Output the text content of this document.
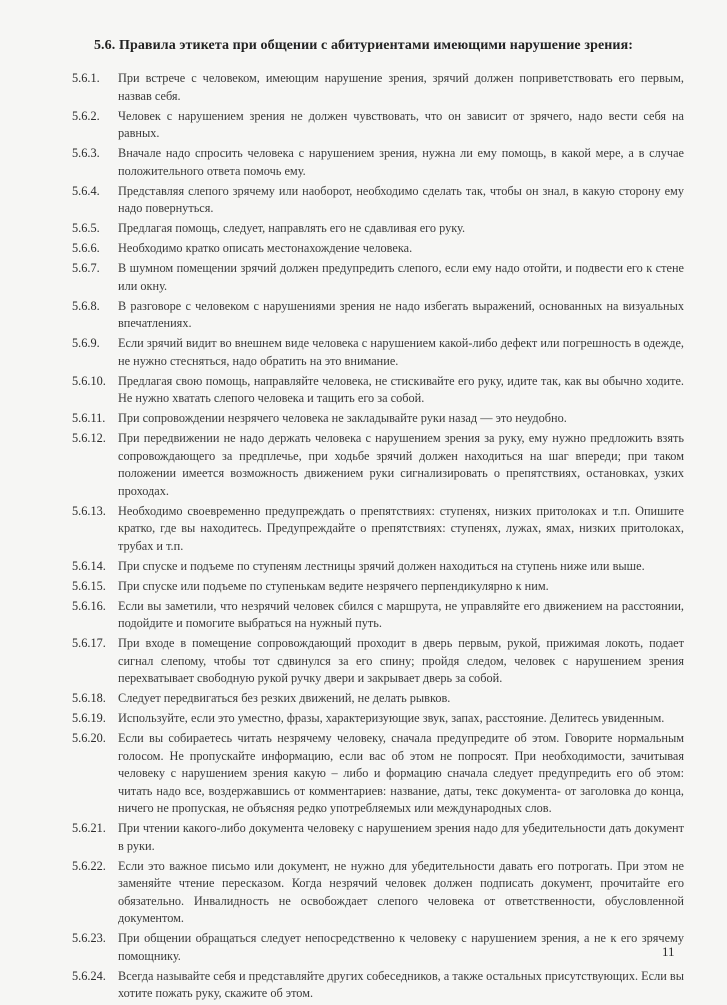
5.6. Правила этикета при общении с абитуриентами имеющими нарушение зрения:
5.6.1.	При встрече с человеком, имеющим нарушение зрения, зрячий должен поприветствовать его первым, назвав себя.
5.6.2.	Человек с нарушением зрения не должен чувствовать, что он зависит от зрячего, надо вести себя на равных.
5.6.3.	Вначале надо спросить человека с нарушением зрения, нужна ли ему помощь, в какой мере, а в случае положительного ответа помочь ему.
5.6.4.	Представляя слепого зрячему или наоборот, необходимо сделать так, чтобы он знал, в какую сторону ему надо повернуться.
5.6.5.	Предлагая помощь, следует, направлять его не сдавливая его руку.
5.6.6.	Необходимо кратко описать местонахождение человека.
5.6.7.	В шумном помещении зрячий должен предупредить слепого, если ему надо отойти, и подвести его к стене или окну.
5.6.8.	В разговоре с человеком с нарушениями зрения не надо избегать выражений, основанных на визуальных впечатлениях.
5.6.9.	Если зрячий видит во внешнем виде человека с нарушением какой-либо дефект или погрешность в одежде, не нужно стесняться, надо обратить на это внимание.
5.6.10. Предлагая свою помощь, направляйте человека, не стискивайте его руку, идите так, как вы обычно ходите. Не нужно хватать слепого человека и тащить его за собой.
5.6.11.	При сопровождении незрячего человека не закладывайте руки назад — это неудобно.
5.6.12. При передвижении не надо держать человека с нарушением зрения за руку, ему нужно предложить взять сопровождающего за предплечье, при ходьбе зрячий должен находиться на шаг впереди; при таком положении имеется возможность движением руки сигнализировать о препятствиях, остановках, узких проходах.
5.6.13. Необходимо своевременно предупреждать о препятствиях: ступенях, низких притолоках и т.п. Опишите кратко, где вы находитесь. Предупреждайте о препятствиях: ступенях, лужах, ямах, низких притолоках, трубах и т.п.
5.6.14. При спуске и подъеме по ступеням лестницы зрячий должен находиться на ступень ниже или выше.
5.6.15. При спуске или подъеме по ступенькам ведите незрячего перпендикулярно к ним.
5.6.16. Если вы заметили, что незрячий человек сбился с маршрута, не управляйте его движением на расстоянии, подойдите и помогите выбраться на нужный путь.
5.6.17. При входе в помещение сопровождающий проходит в дверь первым, рукой, прижимая локоть, подает сигнал слепому, чтобы тот сдвинулся за его спину; пройдя следом, человек с нарушением зрения перехватывает свободную рукой ручку двери и закрывает дверь за собой.
5.6.18. Следует передвигаться без резких движений, не делать рывков.
5.6.19. Используйте, если это уместно, фразы, характеризующие звук, запах, расстояние. Делитесь увиденным.
5.6.20. Если вы собираетесь читать незрячему человеку, сначала предупредите об этом. Говорите нормальным голосом. Не пропускайте информацию, если вас об этом не попросят. При необходимости, зачитывая человеку с нарушением зрения какую – либо и формацию сначала следует предупредить его об этом: читать надо все, воздержавшись от комментариев: название, даты, текс документа- от заголовка до конца, ничего не пропуская, не объясняя редко употребляемых или международных слов.
5.6.21. При чтении какого-либо документа человеку с нарушением зрения надо для убедительности дать документ в руки.
5.6.22. Если это важное письмо или документ, не нужно для убедительности давать его потрогать. При этом не заменяйте чтение пересказом. Когда незрячий человек должен подписать документ, прочитайте его обязательно. Инвалидность не освобождает слепого человека от ответственности, обусловленной документом.
5.6.23. При общении обращаться следует непосредственно к человеку с нарушением зрения, а не к его зрячему помощнику.
5.6.24. Всегда называйте себя и представляйте других собеседников, а также остальных присутствующих. Если вы хотите пожать руку, скажите об этом.
11
